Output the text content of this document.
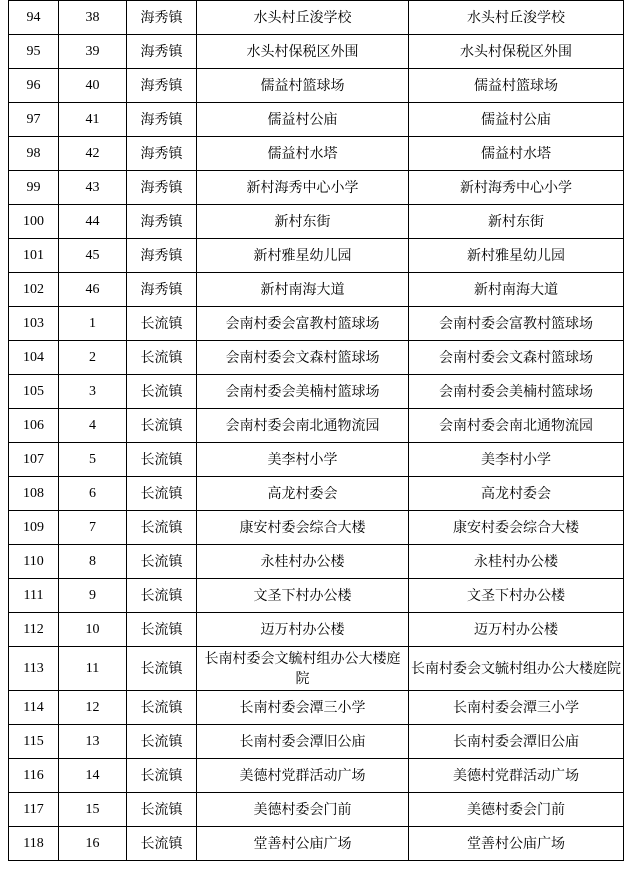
94	38	海秀镇	水头村丘浚学校	水头村丘浚学校
95	39	海秀镇	水头村保税区外围	水头村保税区外围
96	40	海秀镇	儒益村篮球场	儒益村篮球场
97	41	海秀镇	儒益村公庙	儒益村公庙
98	42	海秀镇	儒益村水塔	儒益村水塔
99	43	海秀镇	新村海秀中心小学	新村海秀中心小学
100	44	海秀镇	新村东街	新村东街
101	45	海秀镇	新村雅星幼儿园	新村雅星幼儿园
102	46	海秀镇	新村南海大道	新村南海大道
103	1	长流镇	会南村委会富教村篮球场	会南村委会富教村篮球场
104	2	长流镇	会南村委会文森村篮球场	会南村委会文森村篮球场
105	3	长流镇	会南村委会美楠村篮球场	会南村委会美楠村篮球场
106	4	长流镇	会南村委会南北通物流园	会南村委会南北通物流园
107	5	长流镇	美李村小学	美李村小学
108	6	长流镇	高龙村委会	高龙村委会
109	7	长流镇	康安村委会综合大楼	康安村委会综合大楼
110	8	长流镇	永桂村办公楼	永桂村办公楼
111	9	长流镇	文圣下村办公楼	文圣下村办公楼
112	10	长流镇	迈万村办公楼	迈万村办公楼
113	11	长流镇	长南村委会文毓村组办公大楼庭院	长南村委会文毓村组办公大楼庭院
114	12	长流镇	长南村委会潭三小学	长南村委会潭三小学
115	13	长流镇	长南村委会潭旧公庙	长南村委会潭旧公庙
116	14	长流镇	美德村党群活动广场	美德村党群活动广场
117	15	长流镇	美德村委会门前	美德村委会门前
118	16	长流镇	堂善村公庙广场	堂善村公庙广场
